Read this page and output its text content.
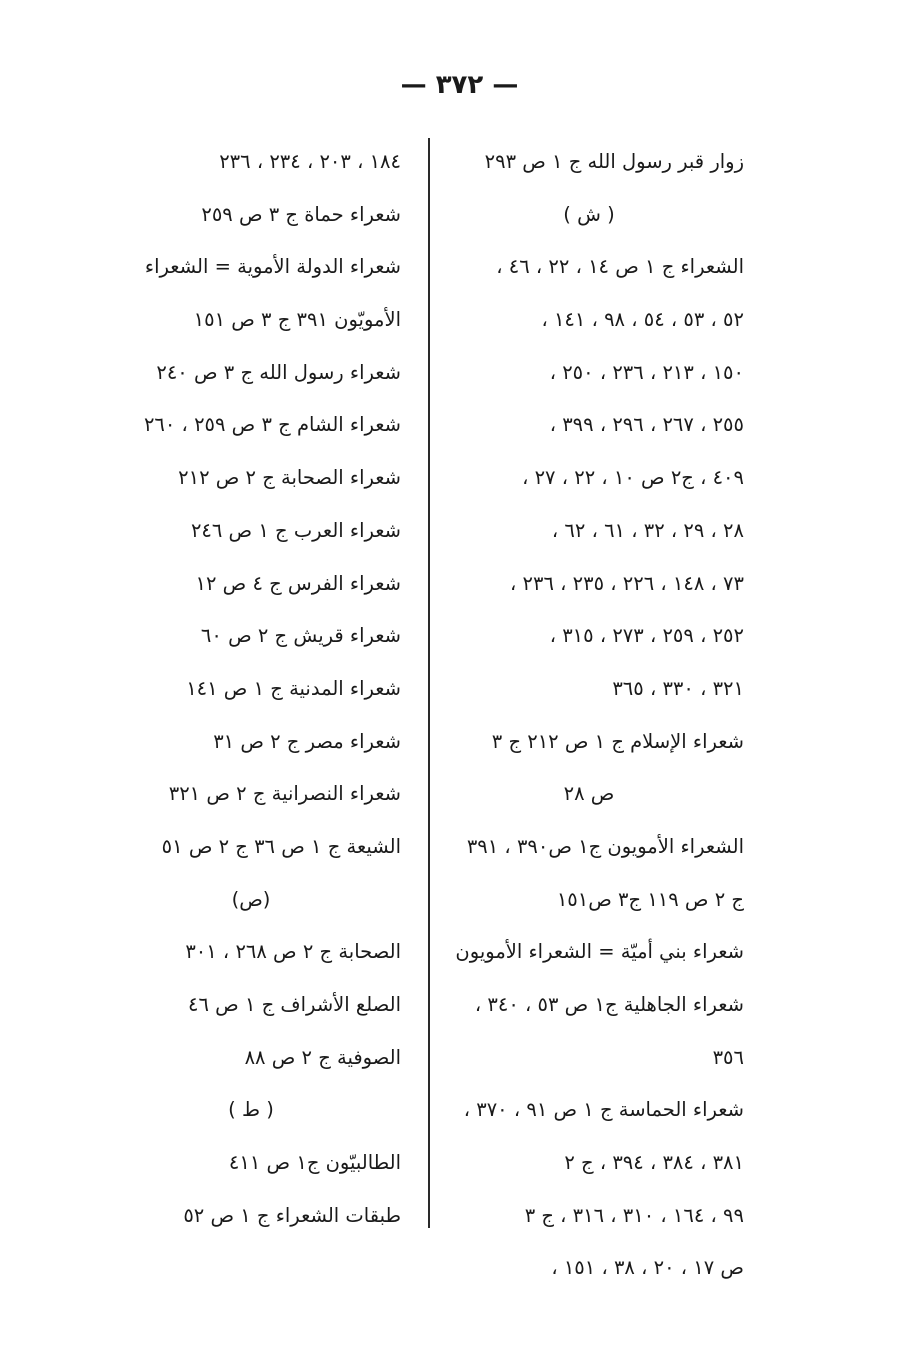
— ٣٧٢ —
زوار قبر رسول الله ج ١ ص ٢٩٣
( ش )
الشعراء ج ١ ص ١٤ ، ٢٢ ، ٤٦ ،
٥٢ ، ٥٣ ، ٥٤ ، ٩٨ ، ١٤١ ،
١٥٠ ، ٢١٣ ، ٢٣٦ ، ٢٥٠ ،
٢٥٥ ، ٢٦٧ ، ٢٩٦ ، ٣٩٩ ،
٤٠٩ ، ج٢ ص ١٠ ، ٢٢ ، ٢٧ ،
٢٨ ، ٢٩ ، ٣٢ ، ٦١ ، ٦٢ ،
٧٣ ، ١٤٨ ، ٢٢٦ ، ٢٣٥ ، ٢٣٦ ،
٢٥٢ ، ٢٥٩ ، ٢٧٣ ، ٣١٥ ،
٣٢١ ، ٣٣٠ ، ٣٦٥
شعراء الإسلام ج ١ ص ٢١٢ ج ٣
ص ٢٨
الشعراء الأمويون ج١ ص٣٩٠ ، ٣٩١
ج ٢ ص ١١٩ ج٣ ص١٥١
شعراء بني أميّة = الشعراء الأمويون
شعراء الجاهلية ج١ ص ٥٣ ، ٣٤٠ ،
٣٥٦
شعراء الحماسة ج ١ ص ٩١ ، ٣٧٠ ،
٣٨١ ، ٣٨٤ ، ٣٩٤ ، ج ٢
٩٩ ، ١٦٤ ، ٣١٠ ، ٣١٦ ، ج ٣
ص ١٧ ، ٢٠ ، ٣٨ ، ١٥١ ،
١٨٤ ، ٢٠٣ ، ٢٣٤ ، ٢٣٦
شعراء حماة ج ٣ ص ٢٥٩
شعراء الدولة الأموية = الشعراء
الأمويّون ٣٩١ ج ٣ ص ١٥١
شعراء رسول الله ج ٣ ص ٢٤٠
شعراء الشام ج ٣ ص ٢٥٩ ، ٢٦٠
شعراء الصحابة ج ٢ ص ٢١٢
شعراء العرب ج ١ ص ٢٤٦
شعراء الفرس ج ٤ ص ١٢
شعراء قريش ج ٢ ص ٦٠
شعراء المدنية ج ١ ص ١٤١
شعراء مصر ج ٢ ص ٣١
شعراء النصرانية ج ٢ ص ٣٢١
الشيعة ج ١ ص ٣٦ ج ٢ ص ٥١
(ص)
الصحابة ج ٢ ص ٢٦٨ ، ٣٠١
الصلع الأشراف ج ١ ص ٤٦
الصوفية ج ٢ ص ٨٨
( ط )
الطالبيّون ج١ ص ٤١١
طبقات الشعراء ج ١ ص ٥٢
